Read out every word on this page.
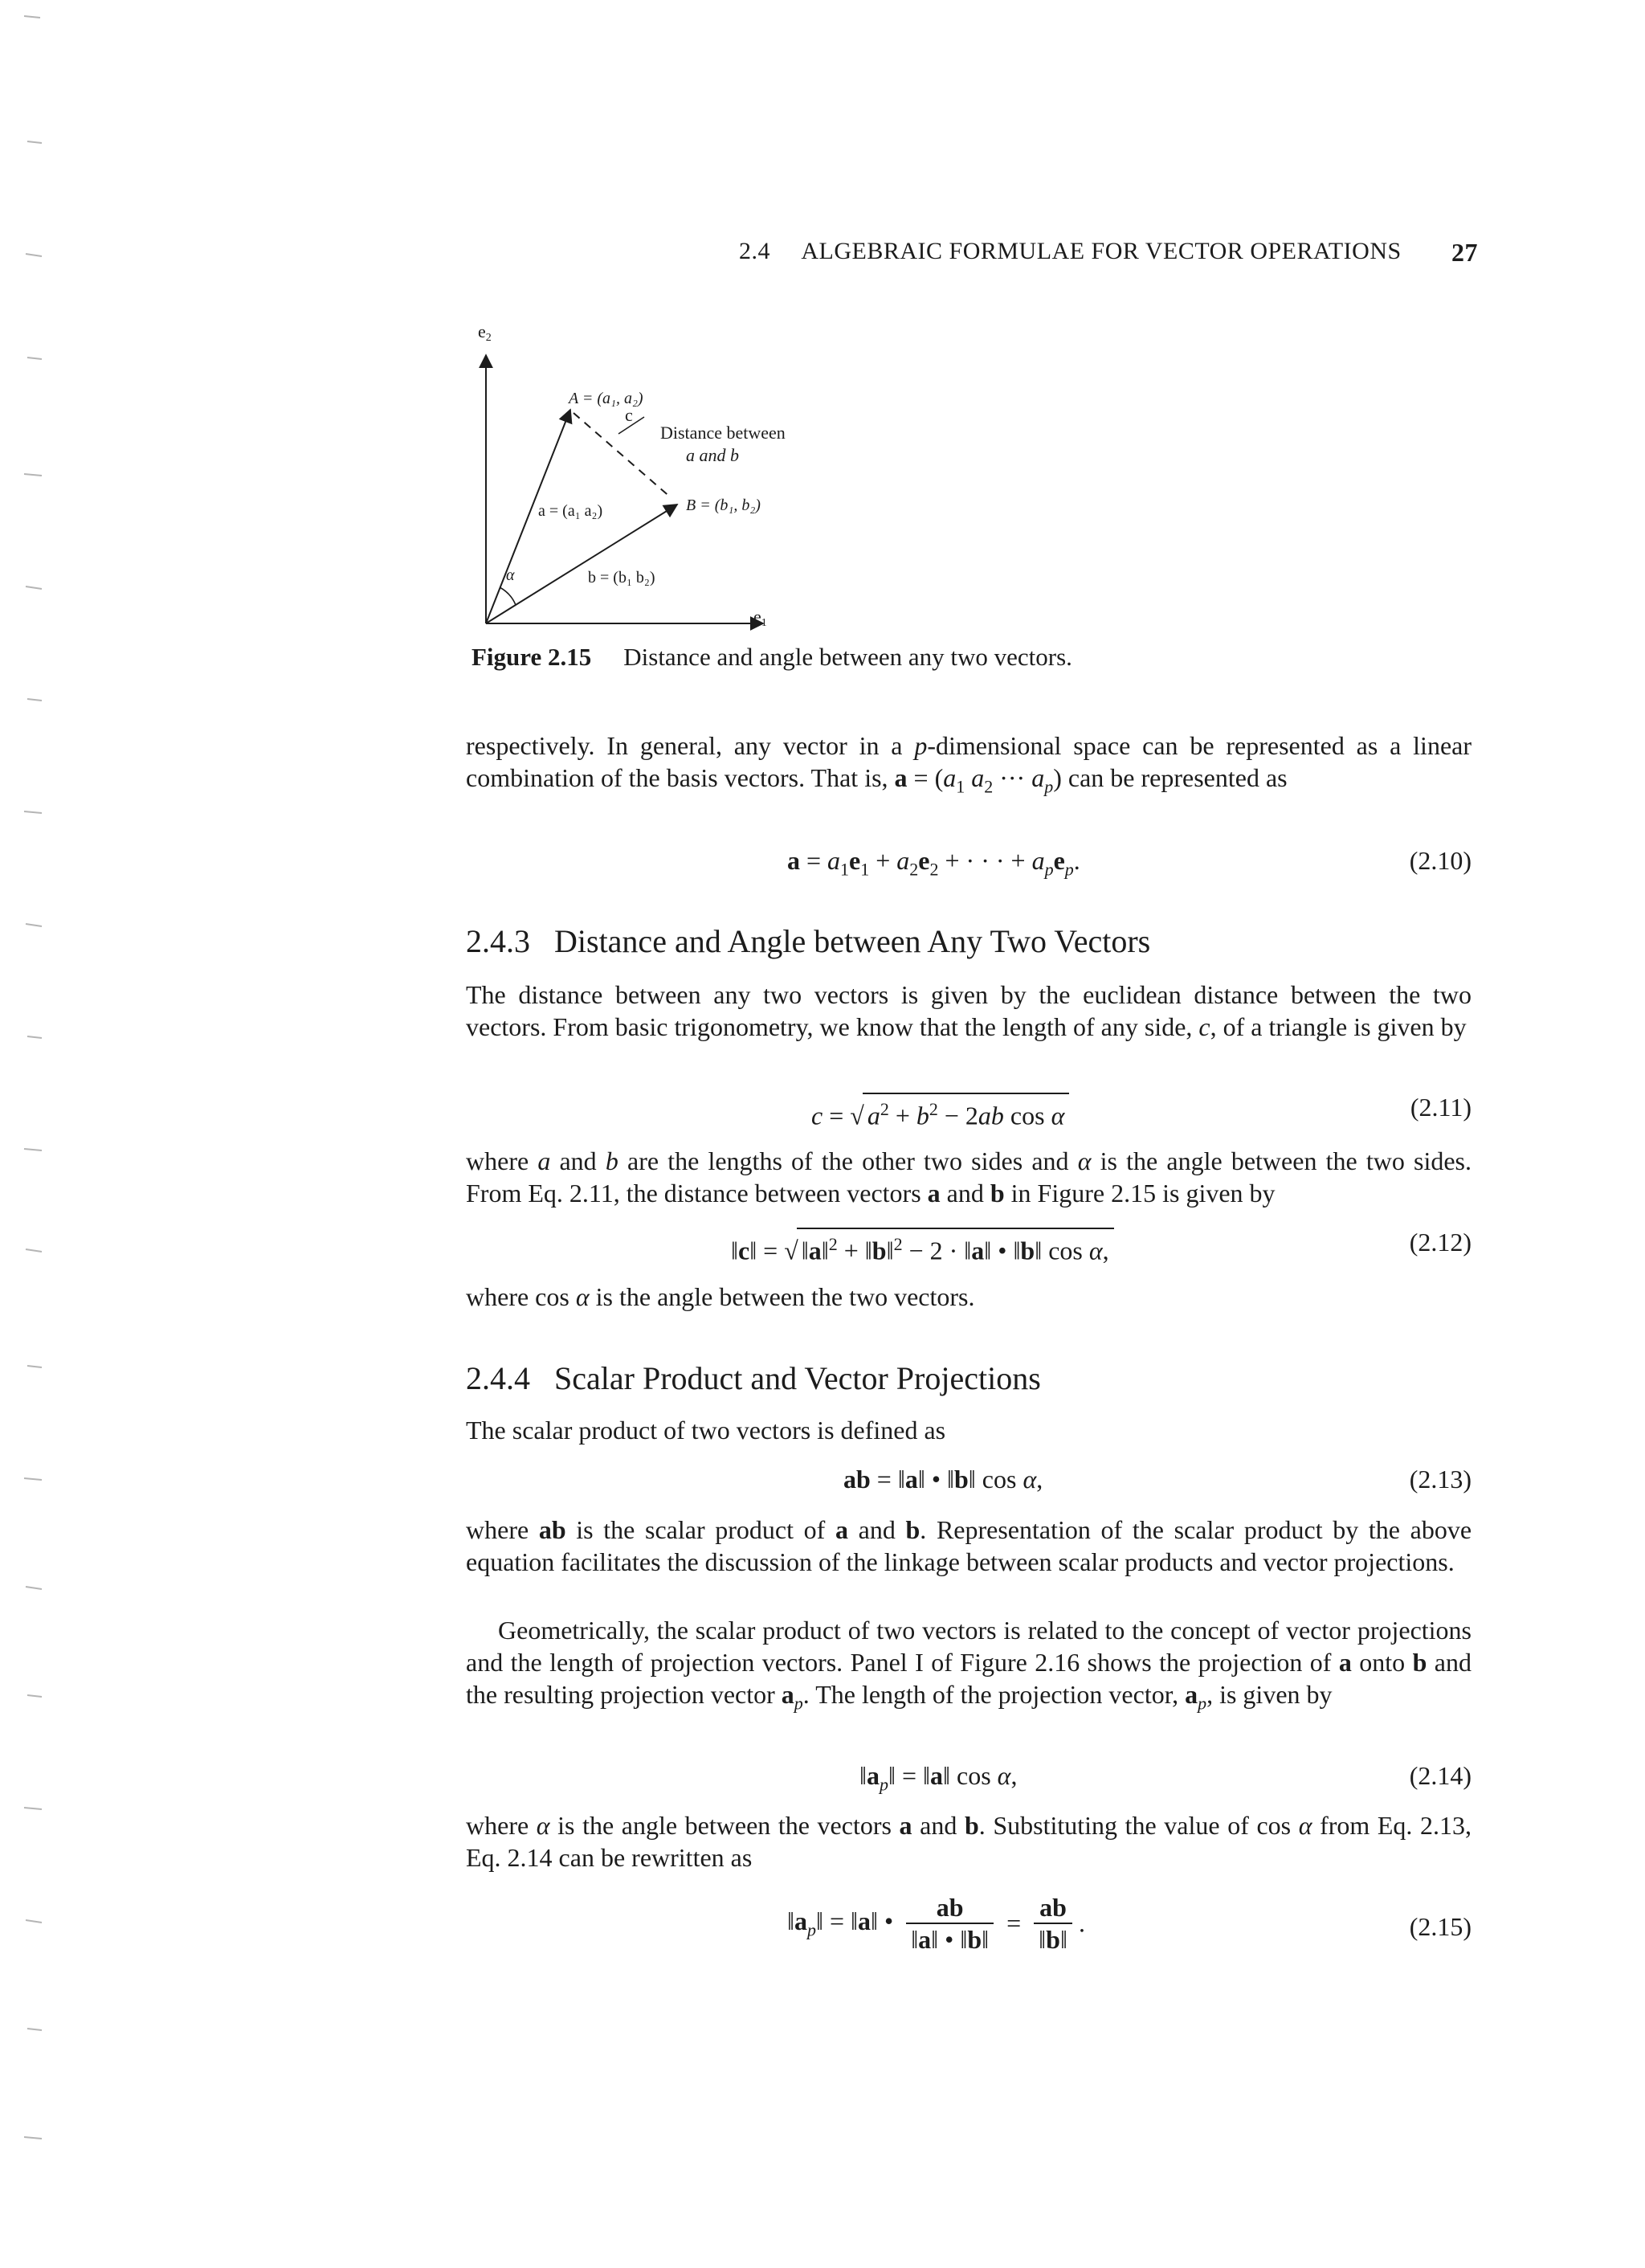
2.4 ALGEBRAIC FORMULAE FOR VECTOR OPERATIONS 27
e2
e1
A = (a₁, a₂)
c
Distance between
a and b
B = (b₁, b₂)
a = (a₁ a₂)
b = (b₁ b₂)
α
Figure 2.15 Distance and angle between any two vectors.
respectively. In general, any vector in a p-dimensional space can be represented as a linear combination of the basis vectors. That is, $a = (a_1$ $a_2$ ··· $a_p$) can be represented as
$a = a_1e_1 + a_2e_2$ + · · · + $a_pe_p$.	(2.10)
2.4.3 Distance and Angle between Any Two Vectors
The distance between any two vectors is given by the euclidean distance between the two vectors. From basic trigonometry, we know that the length of any side, c, of a triangle is given by
c = √ $a^2 + b^2 - 2ab$ cos α	(2.11)
where a and b are the lengths of the other two sides and α is the angle between the two sides. From Eq. 2.11, the distance between vectors a and b in Figure 2.15 is given by
‖c‖ = √ ‖a‖$^2$ + ‖b‖$^2$ − 2 · ‖a‖ • ‖b‖ cos α,	(2.12)
where cos α is the angle between the two vectors.
2.4.4 Scalar Product and Vector Projections
The scalar product of two vectors is defined as
ab = ‖a‖ • ‖b‖ cos α,	(2.13)
where ab is the scalar product of a and b. Representation of the scalar product by the above equation facilitates the discussion of the linkage between scalar products and vector projections.
Geometrically, the scalar product of two vectors is related to the concept of vector projections and the length of projection vectors. Panel I of Figure 2.16 shows the projection of a onto b and the resulting projection vector $a_p$. The length of the projection vector, $a_p$, is given by
$‖a_p‖$ = ‖a‖ cos α,	(2.14)
where α is the angle between the vectors a and b. Substituting the value of cos α from Eq. 2.13, Eq. 2.14 can be rewritten as
$‖a_p‖$ = ‖a‖ • $\frac{ab}{‖a‖ • ‖b‖} = \frac{ab}{‖b‖}$ .	(2.15)
